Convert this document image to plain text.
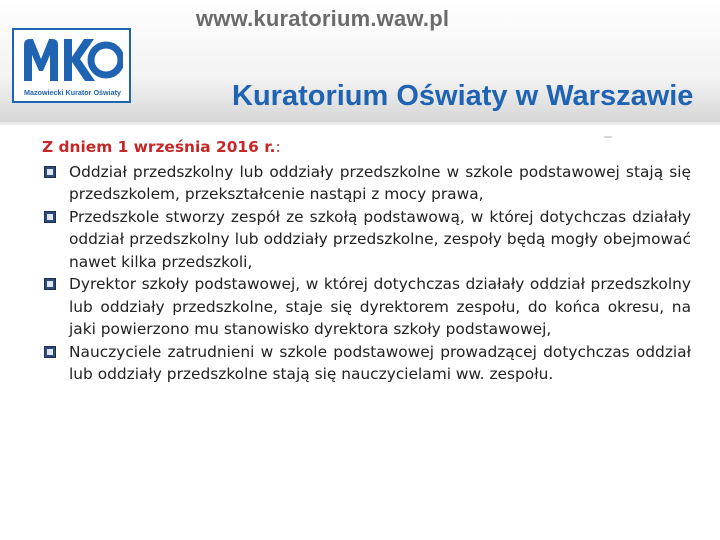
www.kuratorium.waw.pl
Kuratorium Oświaty w Warszawie
Mazowiecki Kurator Oświaty
Z dniem 1 września 2016 r.:
Oddział przedszkolny lub oddziały przedszkolne w szkole podstawowej stają się przedszkolem, przekształcenie nastąpi z mocy prawa,
Przedszkole stworzy zespół ze szkołą podstawową, w której dotychczas działały oddział przedszkolny lub oddziały przedszkolne, zespoły będą mogły obejmować nawet kilka przedszkoli,
Dyrektor szkoły podstawowej, w której dotychczas działały oddział przedszkolny lub oddziały przedszkolne, staje się dyrektorem zespołu, do końca okresu, na jaki powierzono mu stanowisko dyrektora szkoły podstawowej,
Nauczyciele zatrudnieni w szkole podstawowej prowadzącej dotychczas oddział lub oddziały przedszkolne stają się nauczycielami ww. zespołu.
